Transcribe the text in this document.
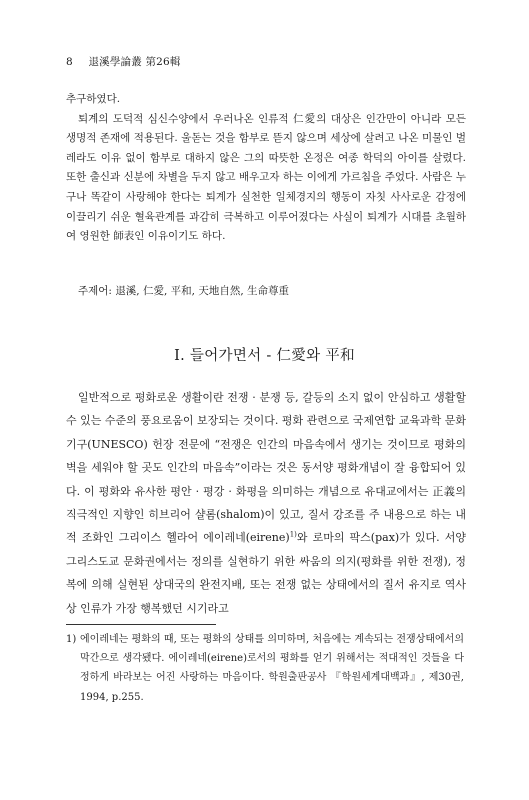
8 退溪學論叢 第26輯
추구하였다.
퇴계의 도덕적 심신수양에서 우러나온 인류적 仁愛의 대상은 인간만이 아니라 모든 생명적 존재에 적용된다. 울돋는 것을 함부로 뜯지 않으며 세상에 살려고 나온 미물인 벌레라도 이유 없이 함부로 대하지 않은 그의 따뜻한 온정은 여종 학덕의 아이를 살렸다. 또한 출신과 신분에 차별을 두지 않고 배우고자 하는 이에게 가르침을 주었다. 사람은 누구나 똑같이 사랑해야 한다는 퇴계가 실천한 일체경지의 행동이 자칫 사사로운 감정에 이끌리기 쉬운 혈육관계를 과감히 극복하고 이루어졌다는 사실이 퇴계가 시대를 초월하여 영원한 師表인 이유이기도 하다.
주제어: 退溪, 仁愛, 平和, 天地自然, 生命尊重
Ⅰ. 들어가면서 - 仁愛와 平和
일반적으로 평화로운 생활이란 전쟁 · 분쟁 등, 갈등의 소지 없이 안심하고 생활할 수 있는 수준의 풍요로움이 보장되는 것이다. 평화 관련으로 국제연합 교육과학 문화기구(UNESCO) 헌장 전문에 “전쟁은 인간의 마음속에서 생기는 것이므로 평화의 벽을 세워야 할 곳도 인간의 마음속”이라는 것은 동서양 평화개념이 잘 융합되어 있다. 이 평화와 유사한 평안 · 평강 · 화평을 의미하는 개념으로 유대교에서는 正義의 직극적인 지향인 히브리어 샬롬(shalom)이 있고, 질서 강조를 주 내용으로 하는 내적 조화인 그리이스 헬라어 에이레네(eirene)$^{1)}$와 로마의 팍스(pax)가 있다. 서양 그리스도교 문화권에서는 정의를 실현하기 위한 싸움의 의지(평화를 위한 전쟁), 정복에 의해 실현된 상대국의 완전지배, 또는 전쟁 없는 상태에서의 질서 유지로 역사상 인류가 가장 행복했던 시기라고
1) 에이레네는 평화의 때, 또는 평화의 상태를 의미하며, 처음에는 계속되는 전쟁상태에서의 막간으로 생각됐다. 에이레네(eirene)로서의 평화를 얻기 위해서는 적대적인 것들을 다정하게 바라보는 어진 사랑하는 마음이다. 학원출판공사 『학원세계대백과』, 제30권, 1994, p.255.
